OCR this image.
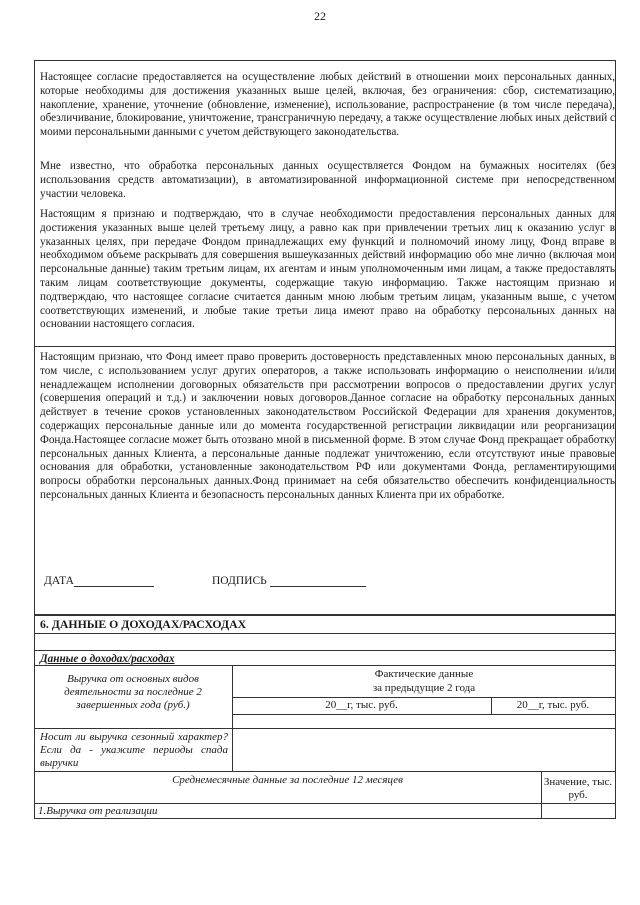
22

Настоящее согласие предоставляется на осуществление любых действий в отношении моих персональных данных, которые необходимы для достижения указанных выше целей, включая, без ограничения: сбор, систематизацию, накопление, хранение, уточнение (обновление, изменение), использование, распространение (в том числе передача), обезличивание, блокирование, уничтожение, трансграничную передачу, а также осуществление любых иных действий с моими персональными данными с учетом действующего законодательства.

Мне известно, что обработка персональных данных осуществляется Фондом на бумажных носителях (без использования средств автоматизации), в автоматизированной информационной системе при непосредственном участии человека.

Настоящим я признаю и подтверждаю, что в случае необходимости предоставления персональных данных для достижения указанных выше целей третьему лицу, а равно как при привлечении третьих лиц к оказанию услуг в указанных целях, при передаче Фондом принадлежащих ему функций и полномочий иному лицу, Фонд вправе в необходимом объеме раскрывать для совершения вышеуказанных действий информацию обо мне лично (включая мои персональные данные) таким третьим лицам, их агентам и иным уполномоченным ими лицам, а также предоставлять таким лицам соответствующие документы, содержащие такую информацию. Также настоящим признаю и подтверждаю, что настоящее согласие считается данным мною любым третьим лицам, указанным выше, с учетом соответствующих изменений, и любые такие третьи лица имеют право на обработку персональных данных на основании настоящего согласия.

Настоящим признаю, что Фонд имеет право проверить достоверность представленных мною персональных данных, в том числе, с использованием услуг других операторов, а также использовать информацию о неисполнении и/или ненадлежащем исполнении договорных обязательств при рассмотрении вопросов о предоставлении других услуг (совершения операций и т.д.) и заключении новых договоров.Данное согласие на обработку персональных данных действует в течение сроков установленных законодательством Российской Федерации для хранения документов, содержащих персональные данные или до момента государственной регистрации ликвидации или реорганизации Фонда.Настоящее согласие может быть отозвано мной в письменной форме. В этом случае Фонд прекращает обработку персональных данных Клиента, а персональные данные подлежат уничтожению, если отсутствуют иные правовые основания для обработки, установленные законодательством РФ или документами Фонда, регламентирующими вопросы обработки персональных данных.Фонд принимает на себя обязательство обеспечить конфиденциальность персональных данных Клиента и безопасность персональных данных Клиента при их обработке.

ДАТА	ПОДПИСЬ
6. ДАННЫЕ О ДОХОДАХ/РАСХОДАХ
Данные о доходах/расходах
Выручка от основных видов деятельности за последние 2 завершенных года (руб.)
Фактические данные
за предыдущие 2 года
20__г, тыс. руб.	20__г, тыс. руб.
Носит ли выручка сезонный характер? Если да - укажите периоды спада выручки
Среднемесячные данные за последние 12 месяцев	Значение, тыс. руб.
1.Выручка от реализации
